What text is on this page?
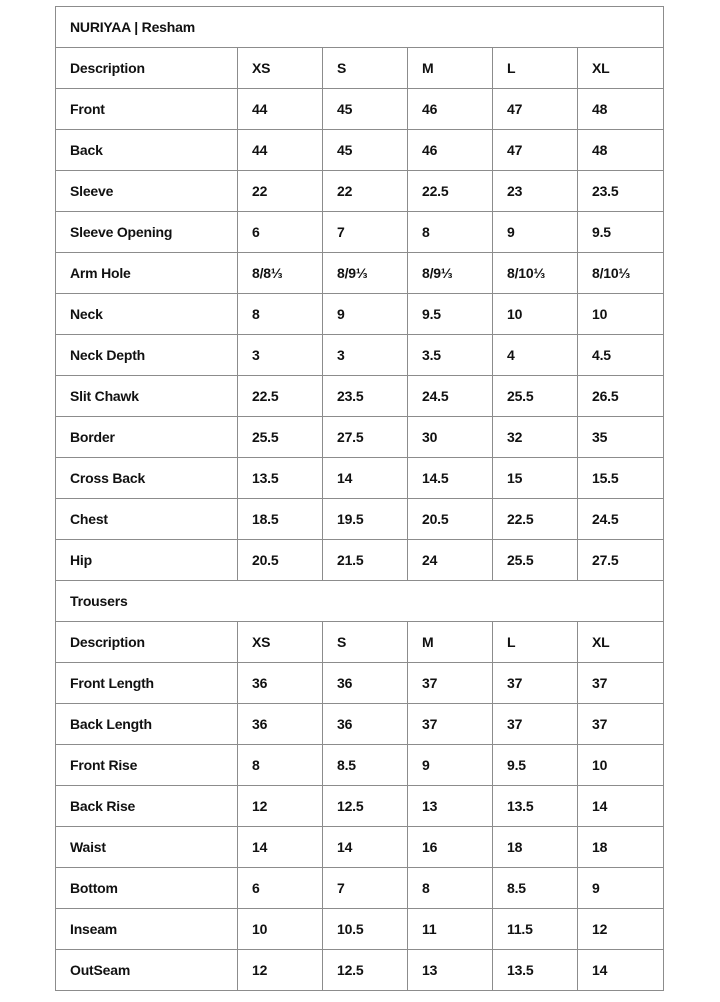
NURIYAA | Resham					
Description	XS	S	M	L	XL
Front	44	45	46	47	48
Back	44	45	46	47	48
Sleeve	22	22	22.5	23	23.5
Sleeve Opening	6	7	8	9	9.5
Arm Hole	8/8⅓	8/9⅓	8/9⅓	8/10⅓	8/10⅓
Neck	8	9	9.5	10	10
Neck Depth	3	3	3.5	4	4.5
Slit Chawk	22.5	23.5	24.5	25.5	26.5
Border	25.5	27.5	30	32	35
Cross Back	13.5	14	14.5	15	15.5
Chest	18.5	19.5	20.5	22.5	24.5
Hip	20.5	21.5	24	25.5	27.5
Trousers					
Description	XS	S	M	L	XL
Front Length	36	36	37	37	37
Back Length	36	36	37	37	37
Front Rise	8	8.5	9	9.5	10
Back Rise	12	12.5	13	13.5	14
Waist	14	14	16	18	18
Bottom	6	7	8	8.5	9
Inseam	10	10.5	11	11.5	12
OutSeam	12	12.5	13	13.5	14
